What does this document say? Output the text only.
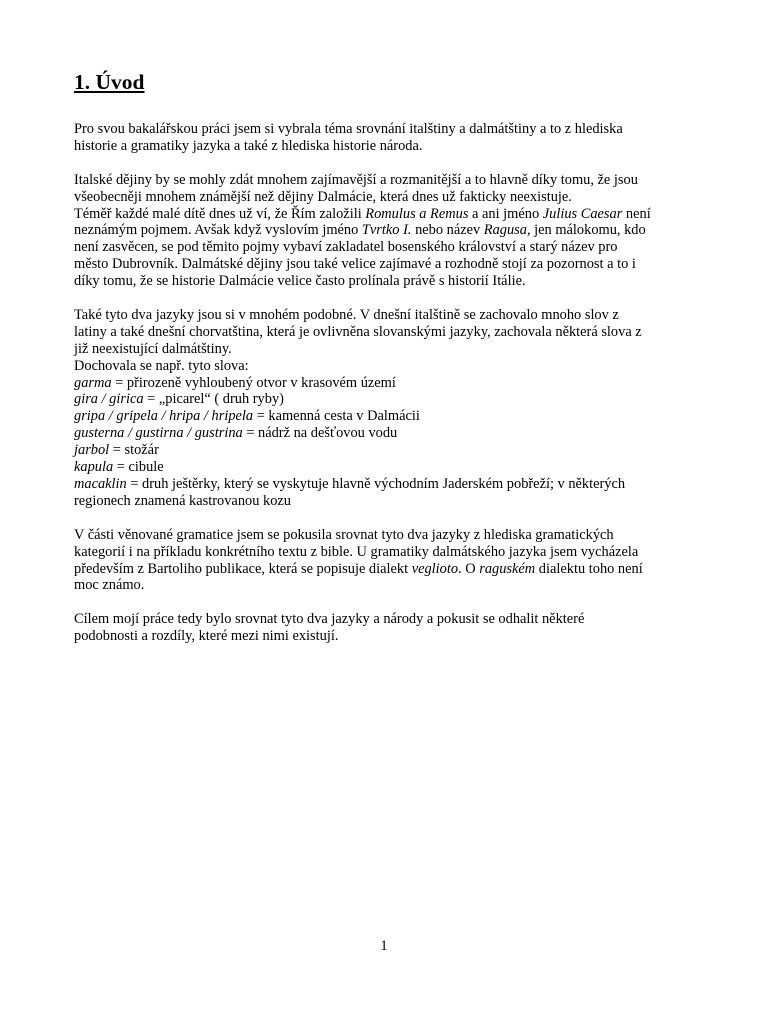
1. Úvod

Pro svou bakalářskou práci jsem si vybrala téma srovnání italštiny a dalmátštiny a to z hlediska
historie a gramatiky jazyka a také z hlediska historie národa.

Italské dějiny by se mohly zdát mnohem zajímavější a rozmanitější a to hlavně díky tomu, že jsou
všeobecněji mnohem známější než dějiny Dalmácie, která dnes už fakticky neexistuje.
Téměř každé malé dítě dnes už ví, že Řím založili Romulus a Remus a ani jméno Julius Caesar není
neznámým pojmem. Avšak když vyslovím jméno Tvrtko I. nebo název Ragusa, jen málokomu, kdo
není zasvěcen, se pod těmito pojmy vybaví zakladatel bosenského království a starý název pro
město Dubrovník. Dalmátské dějiny jsou také velice zajímavé a rozhodně stojí za pozornost a to i
díky tomu, že se historie Dalmácie velice často prolínala právě s historií Itálie.

Také tyto dva jazyky jsou si v mnohém podobné. V dnešní italštině se zachovalo mnoho slov z
latiny a také dnešní chorvatština, která je ovlivněna slovanskými jazyky, zachovala některá slova z
již neexistující dalmátštiny.
Dochovala se např. tyto slova:
garma = přirozeně vyhloubený otvor v krasovém území
gira / girica = „picarel“ ( druh ryby)
gripa / gripela / hripa / hripela = kamenná cesta v Dalmácii
gusterna / gustirna / gustrina = nádrž na dešťovou vodu
jarbol = stožár
kapula = cibule
macaklin = druh ještěrky, který se vyskytuje hlavně východním Jaderském pobřeží; v některých
regionech znamená kastrovanou kozu

V části věnované gramatice jsem se pokusila srovnat tyto dva jazyky z hlediska gramatických
kategorií i na příkladu konkrétního textu z bible. U gramatiky dalmátského jazyka jsem vycházela
především z Bartoliho publikace, která se popisuje dialekt veglioto. O raguském dialektu toho není
moc známo.

Cílem mojí práce tedy bylo srovnat tyto dva jazyky a národy a pokusit se odhalit některé
podobnosti a rozdíly, které mezi nimi existují.

1
